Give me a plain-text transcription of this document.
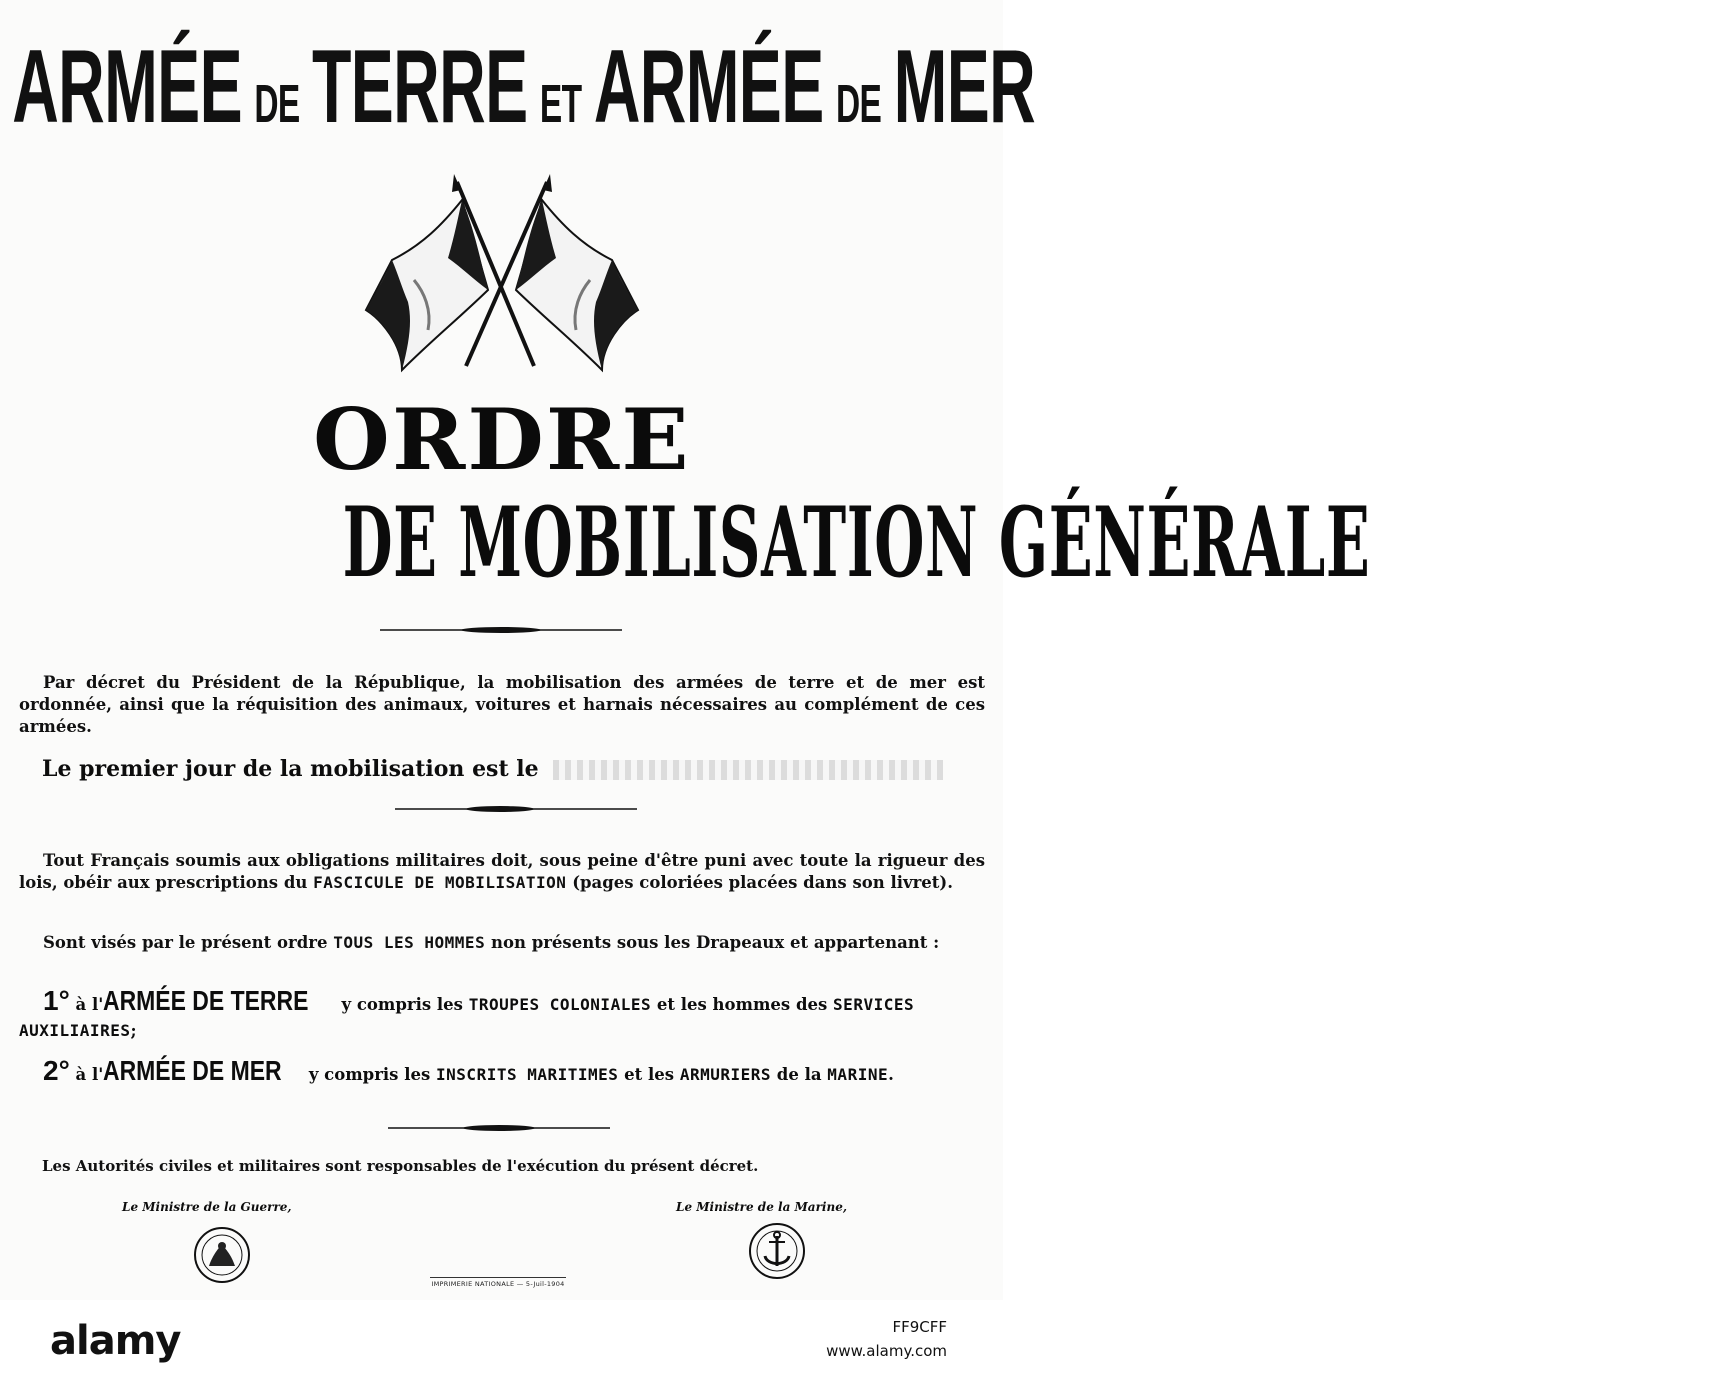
ARMÉE DE TERRE ET ARMÉE DE MER
ORDRE
DE MOBILISATION GÉNÉRALE

Par décret du Président de la République, la mobilisation des armées de terre et de mer est ordonnée, ainsi que la réquisition des animaux, voitures et harnais nécessaires au complément de ces armées.

Le premier jour de la mobilisation est le

Tout Français soumis aux obligations militaires doit, sous peine d'être puni avec toute la rigueur des lois, obéir aux prescriptions du FASCICULE DE MOBILISATION (pages coloriées placées dans son livret).

Sont visés par le présent ordre TOUS LES HOMMES non présents sous les Drapeaux et appartenant :

1° à l'ARMÉE DE TERRE y compris les TROUPES COLONIALES et les hommes des SERVICES AUXILIAIRES;
2° à l'ARMÉE DE MER y compris les INSCRITS MARITIMES et les ARMURIERS de la MARINE.
Les Autorités civiles et militaires sont responsables de l'exécution du présent décret.
Le Ministre de la Guerre,	Le Ministre de la Marine,
IMPRIMERIE NATIONALE — 5-Juil-1904
alamy	FF9CFF
www.alamy.com
